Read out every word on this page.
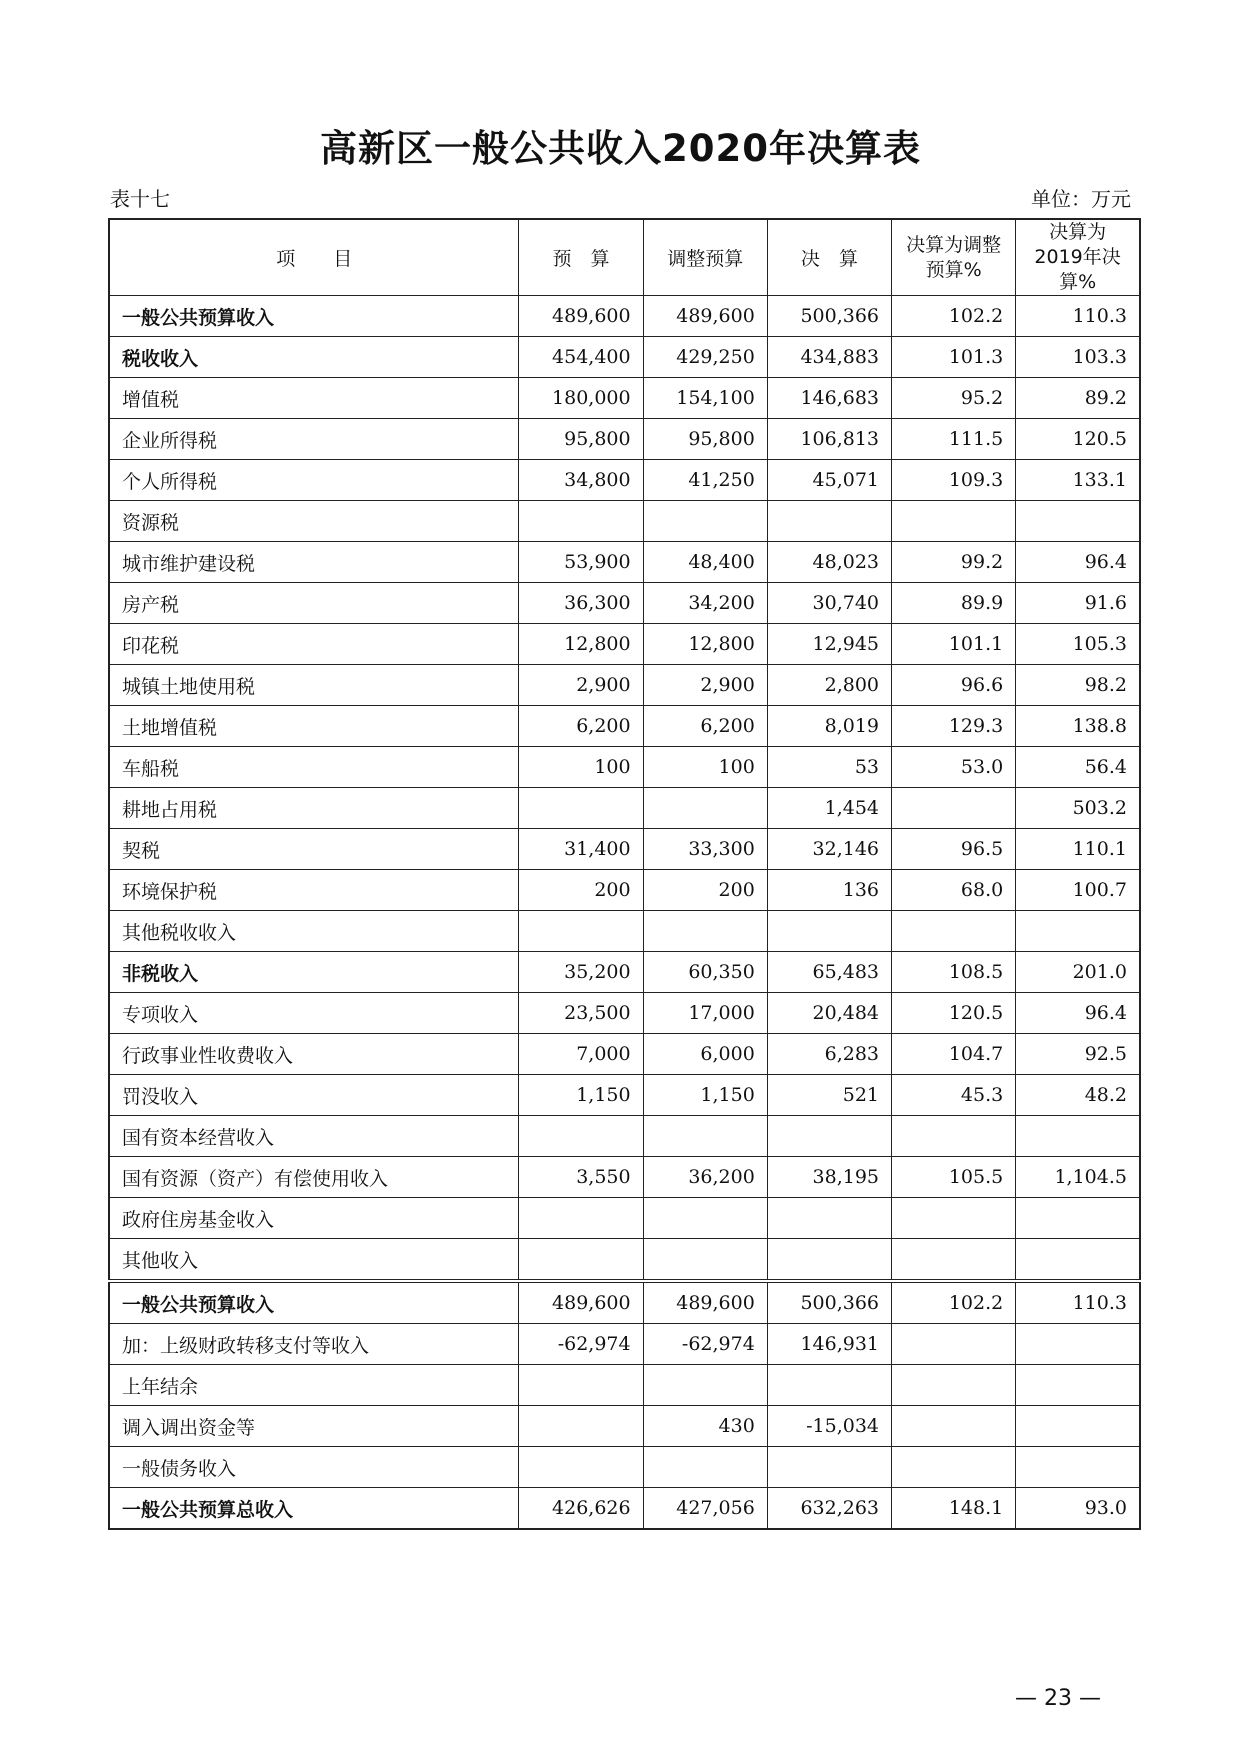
高新区一般公共收入2020年决算表
表十七	单位：万元
项　　目	预　算	调整预算	决　算	决算为调整预算%	决算为2019年决算%
一般公共预算收入	489,600	489,600	500,366	102.2	110.3
税收收入	454,400	429,250	434,883	101.3	103.3
增值税	180,000	154,100	146,683	95.2	89.2
企业所得税	95,800	95,800	106,813	111.5	120.5
个人所得税	34,800	41,250	45,071	109.3	133.1
资源税					
城市维护建设税	53,900	48,400	48,023	99.2	96.4
房产税	36,300	34,200	30,740	89.9	91.6
印花税	12,800	12,800	12,945	101.1	105.3
城镇土地使用税	2,900	2,900	2,800	96.6	98.2
土地增值税	6,200	6,200	8,019	129.3	138.8
车船税	100	100	53	53.0	56.4
耕地占用税			1,454		503.2
契税	31,400	33,300	32,146	96.5	110.1
环境保护税	200	200	136	68.0	100.7
其他税收收入					
非税收入	35,200	60,350	65,483	108.5	201.0
专项收入	23,500	17,000	20,484	120.5	96.4
行政事业性收费收入	7,000	6,000	6,283	104.7	92.5
罚没收入	1,150	1,150	521	45.3	48.2
国有资本经营收入					
国有资源（资产）有偿使用收入	3,550	36,200	38,195	105.5	1,104.5
政府住房基金收入					
其他收入					
一般公共预算收入	489,600	489,600	500,366	102.2	110.3
加：上级财政转移支付等收入	-62,974	-62,974	146,931		
上年结余					
调入调出资金等		430	-15,034		
一般债务收入					
一般公共预算总收入	426,626	427,056	632,263	148.1	93.0
— 23 —
